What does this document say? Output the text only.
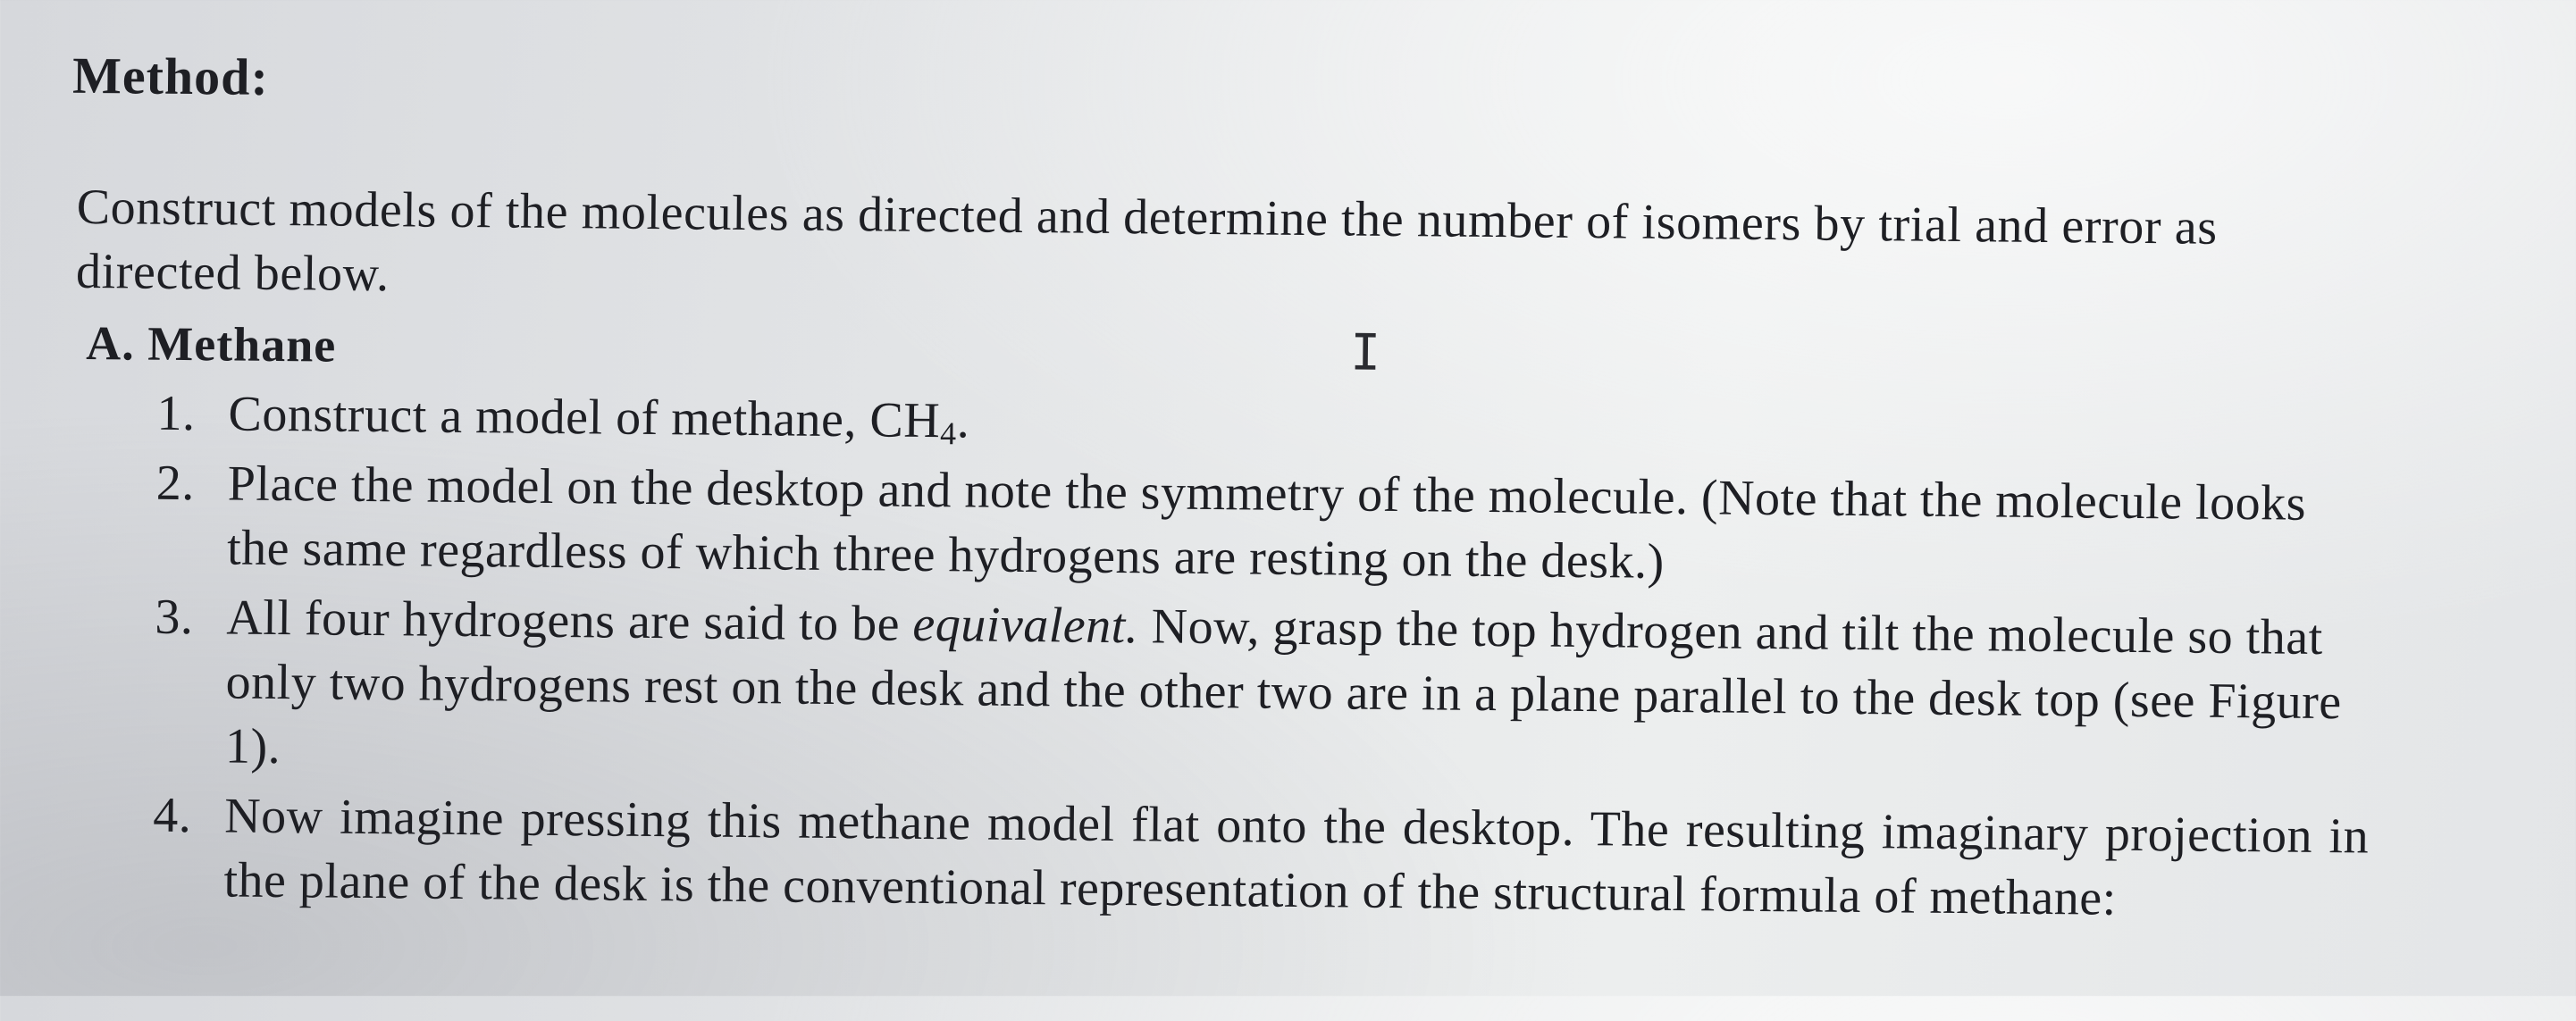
Method:
Construct models of the molecules as directed and determine the number of isomers by trial and error as directed below.
A. Methane	I
1. Construct a model of methane, $CH_4$.
2. Place the model on the desktop and note the symmetry of the molecule. (Note that the molecule looks the same regardless of which three hydrogens are resting on the desk.)
3. All four hydrogens are said to be equivalent. Now, grasp the top hydrogen and tilt the molecule so that only two hydrogens rest on the desk and the other two are in a plane parallel to the desk top (see Figure 1).
4. Now imagine pressing this methane model flat onto the desktop. The resulting imaginary projection in the plane of the desk is the conventional representation of the structural formula of methane:
